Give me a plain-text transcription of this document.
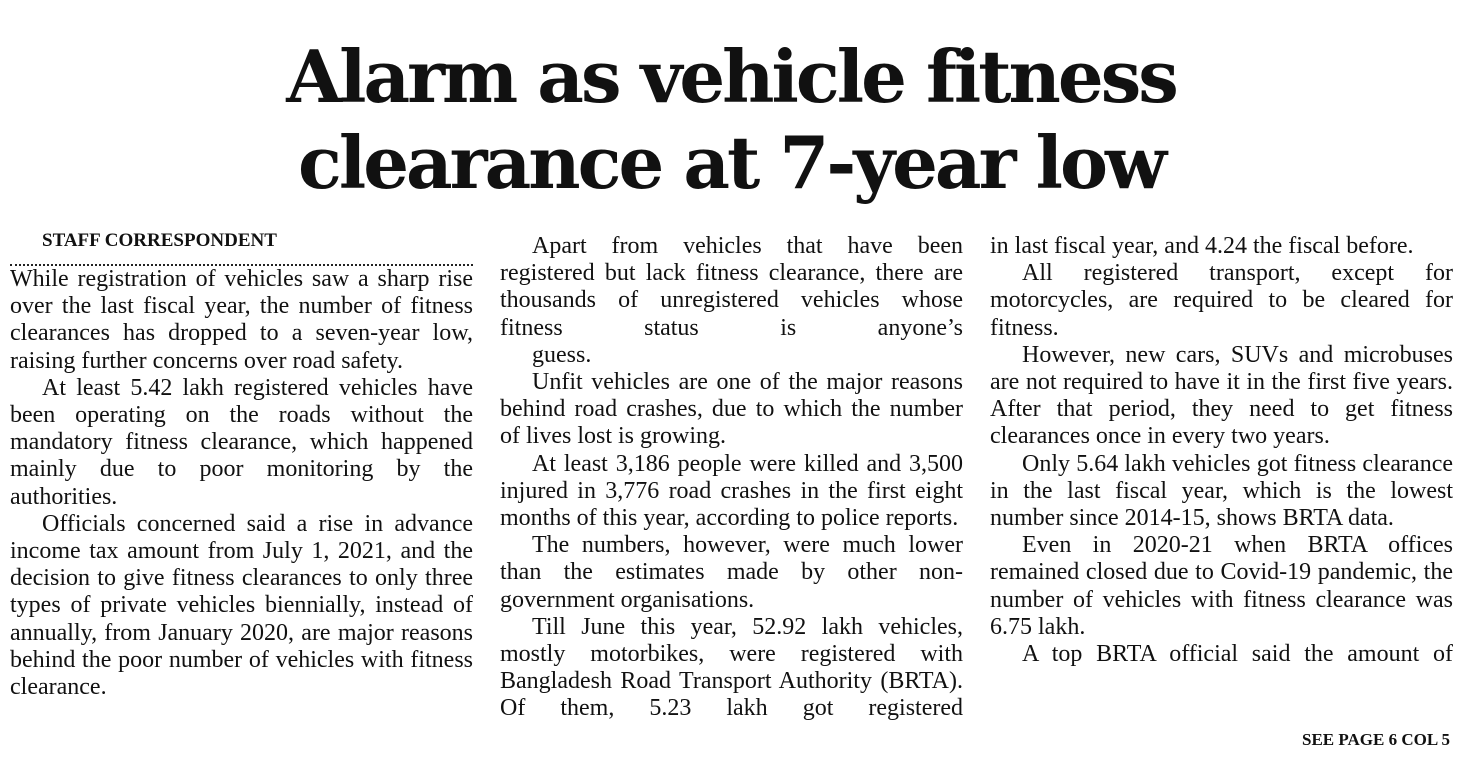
Alarm as vehicle fitness
clearance at 7-year low

STAFF CORRESPONDENT

While registration of vehicles saw a sharp rise over the last fiscal year, the number of fitness clearances has dropped to a seven-year low, raising further concerns over road safety.

At least 5.42 lakh registered vehicles have been operating on the roads without the mandatory fitness clearance, which happened mainly due to poor monitoring by the authorities.

Officials concerned said a rise in advance income tax amount from July 1, 2021, and the decision to give fitness clearances to only three types of private vehicles biennially, instead of annually, from January 2020, are major reasons behind the poor number of vehicles with fitness clearance.

Apart from vehicles that have been registered but lack fitness clearance, there are thousands of unregistered vehicles whose fitness status is anyone’s

guess.

Unfit vehicles are one of the major reasons behind road crashes, due to which the number of lives lost is growing.

At least 3,186 people were killed and 3,500 injured in 3,776 road crashes in the first eight months of this year, according to police reports.

The numbers, however, were much lower than the estimates made by other non-government organisations.

Till June this year, 52.92 lakh vehicles, mostly motorbikes, were registered with Bangladesh Road Transport Authority (BRTA). Of them, 5.23 lakh got registered

in last fiscal year, and 4.24 the fiscal before.

All registered transport, except for motorcycles, are required to be cleared for fitness.

However, new cars, SUVs and microbuses are not required to have it in the first five years. After that period, they need to get fitness clearances once in every two years.

Only 5.64 lakh vehicles got fitness clearance in the last fiscal year, which is the lowest number since 2014-15, shows BRTA data.

Even in 2020-21 when BRTA offices remained closed due to Covid-19 pandemic, the number of vehicles with fitness clearance was 6.75 lakh.

A top BRTA official said the amount of

SEE PAGE 6 COL 5
